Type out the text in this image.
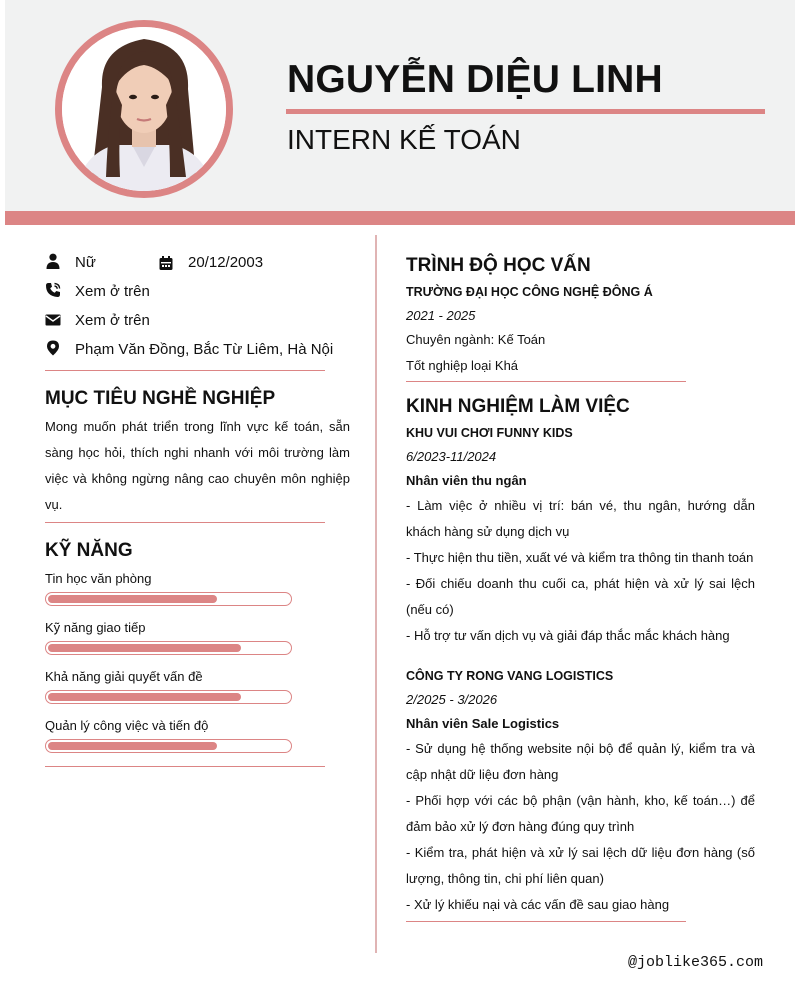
NGUYỄN DIỆU LINH
INTERN KẾ TOÁN
Nữ	20/12/2003
Xem ở trên
Xem ở trên
Phạm Văn Đồng, Bắc Từ Liêm, Hà Nội
MỤC TIÊU NGHỀ NGHIỆP
Mong muốn phát triển trong lĩnh vực kế toán, sẵn sàng học hỏi, thích nghi nhanh với môi trường làm việc và không ngừng nâng cao chuyên môn nghiệp vụ.
KỸ NĂNG
Tin học văn phòng
Kỹ năng giao tiếp
Khả năng giải quyết vấn đề
Quản lý công việc và tiến độ
TRÌNH ĐỘ HỌC VẤN
TRƯỜNG ĐẠI HỌC CÔNG NGHỆ ĐÔNG Á
2021 - 2025
Chuyên ngành: Kế Toán
Tốt nghiệp loại Khá
KINH NGHIỆM LÀM VIỆC
KHU VUI CHƠI FUNNY KIDS
6/2023-11/2024
Nhân viên thu ngân
- Làm việc ở nhiều vị trí: bán vé, thu ngân, hướng dẫn khách hàng sử dụng dịch vụ
- Thực hiện thu tiền, xuất vé và kiểm tra thông tin thanh toán
- Đối chiếu doanh thu cuối ca, phát hiện và xử lý sai lệch (nếu có)
- Hỗ trợ tư vấn dịch vụ và giải đáp thắc mắc khách hàng
CÔNG TY RONG VANG LOGISTICS
2/2025 - 3/2026
Nhân viên Sale Logistics
- Sử dụng hệ thống website nội bộ để quản lý, kiểm tra và cập nhật dữ liệu đơn hàng
- Phối hợp với các bộ phận (vận hành, kho, kế toán…) để đảm bảo xử lý đơn hàng đúng quy trình
- Kiểm tra, phát hiện và xử lý sai lệch dữ liệu đơn hàng (số lượng, thông tin, chi phí liên quan)
- Xử lý khiếu nại và các vấn đề sau giao hàng
@joblike365.com
